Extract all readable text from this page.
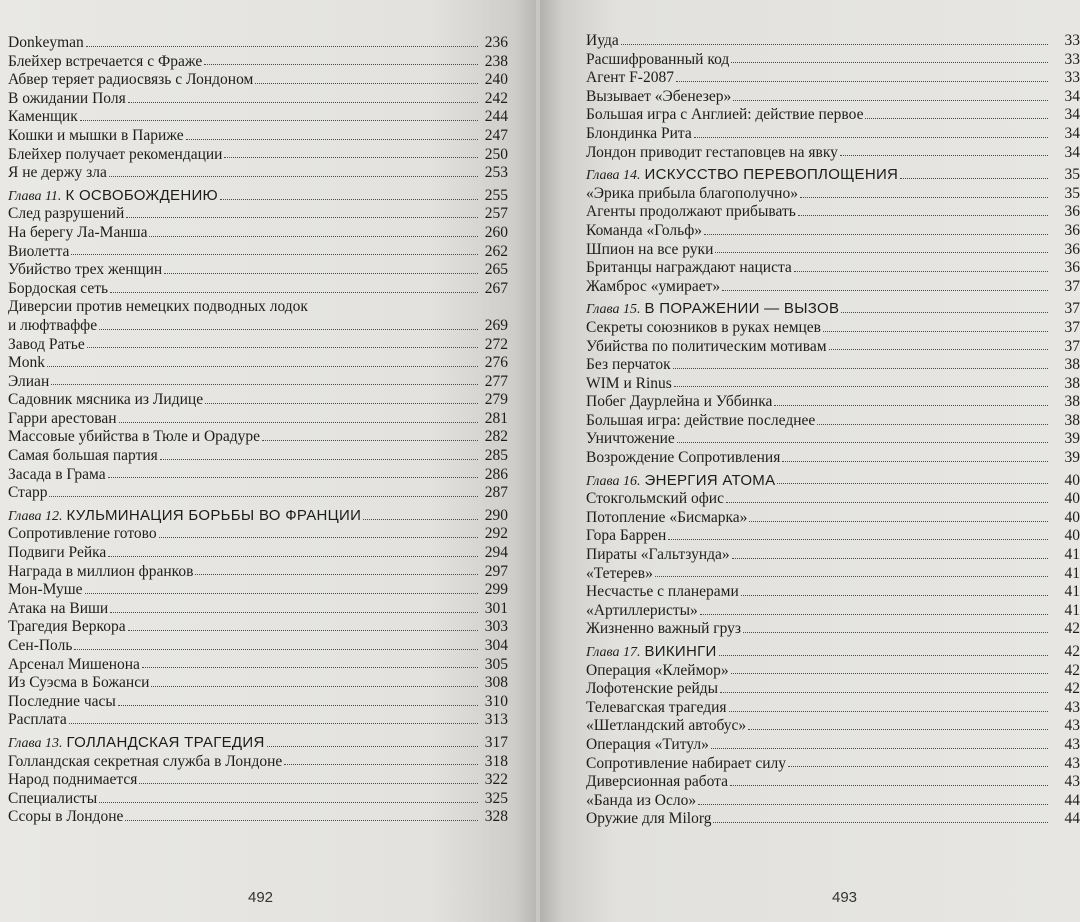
Donkeyman	236
Блейхер встречается с Фраже	238
Абвер теряет радиосвязь с Лондоном	240
В ожидании Поля	242
Каменщик	244
Кошки и мышки в Париже	247
Блейхер получает рекомендации	250
Я не держу зла	253
Глава 11. К ОСВОБОЖДЕНИЮ	255
След разрушений	257
На берегу Ла-Манша	260
Виолетта	262
Убийство трех женщин	265
Бордоская сеть	267
Диверсии против немецких подводных лодок
и люфтваффе	269
Завод Ратье	272
Monk	276
Элиан	277
Садовник мясника из Лидице	279
Гарри арестован	281
Массовые убийства в Тюле и Орадуре	282
Самая большая партия	285
Засада в Грама	286
Старр	287
Глава 12. КУЛЬМИНАЦИЯ БОРЬБЫ ВО ФРАНЦИИ	290
Сопротивление готово	292
Подвиги Рейка	294
Награда в миллион франков	297
Мон-Муше	299
Атака на Виши	301
Трагедия Веркора	303
Сен-Поль	304
Арсенал Мишенона	305
Из Суэсма в Божанси	308
Последние часы	310
Расплата	313
Глава 13. ГОЛЛАНДСКАЯ ТРАГЕДИЯ	317
Голландская секретная служба в Лондоне	318
Народ поднимается	322
Специалисты	325
Ссоры в Лондоне	328
492
Иуда	33
Расшифрованный код	33
Агент F-2087	33
Вызывает «Эбенезер»	34
Большая игра с Англией: действие первое	34
Блондинка Рита	34
Лондон приводит гестаповцев на явку	34
Глава 14. ИСКУССТВО ПЕРЕВОПЛОЩЕНИЯ	35
«Эрика прибыла благополучно»	35
Агенты продолжают прибывать	36
Команда «Гольф»	36
Шпион на все руки	36
Британцы награждают нациста	36
Жамброс «умирает»	37
Глава 15. В ПОРАЖЕНИИ — ВЫЗОВ	37
Секреты союзников в руках немцев	37
Убийства по политическим мотивам	37
Без перчаток	38
WIM и Rinus	38
Побег Даурлейна и Уббинка	38
Большая игра: действие последнее	38
Уничтожение	39
Возрождение Сопротивления	39
Глава 16. ЭНЕРГИЯ АТОМА	40
Стокгольмский офис	40
Потопление «Бисмарка»	40
Гора Баррен	40
Пираты «Гальтзунда»	41
«Тетерев»	41
Несчастье с планерами	41
«Артиллеристы»	41
Жизненно важный груз	42
Глава 17. ВИКИНГИ	42
Операция «Клеймор»	42
Лофотенские рейды	42
Телевагская трагедия	43
«Шетландский автобус»	43
Операция «Титул»	43
Сопротивление набирает силу	43
Диверсионная работа	43
«Банда из Осло»	44
Оружие для Milorg	44
493
